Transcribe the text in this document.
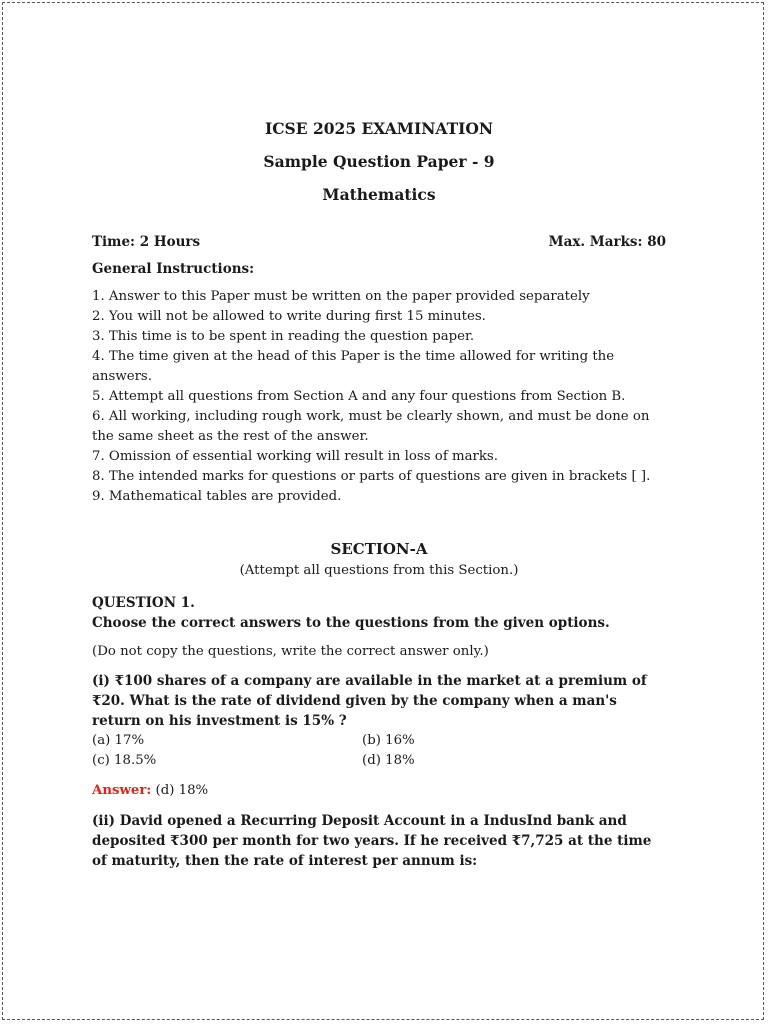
ICSE 2025 EXAMINATION
Sample Question Paper - 9
Mathematics
Time: 2 Hours	Max. Marks: 80
General Instructions:
1. Answer to this Paper must be written on the paper provided separately
2. You will not be allowed to write during first 15 minutes.
3. This time is to be spent in reading the question paper.
4. The time given at the head of this Paper is the time allowed for writing the answers.
5. Attempt all questions from Section A and any four questions from Section B.
6. All working, including rough work, must be clearly shown, and must be done on the same sheet as the rest of the answer.
7. Omission of essential working will result in loss of marks.
8. The intended marks for questions or parts of questions are given in brackets [ ].
9. Mathematical tables are provided.
SECTION-A
(Attempt all questions from this Section.)
QUESTION 1.
Choose the correct answers to the questions from the given options.
(Do not copy the questions, write the correct answer only.)
(i) ₹100 shares of a company are available in the market at a premium of ₹20. What is the rate of dividend given by the company when a man's return on his investment is 15% ?
(a) 17%	(b) 16%
(c) 18.5%	(d) 18%
Answer: (d) 18%
(ii) David opened a Recurring Deposit Account in a IndusInd bank and deposited ₹300 per month for two years. If he received ₹7,725 at the time of maturity, then the rate of interest per annum is:
